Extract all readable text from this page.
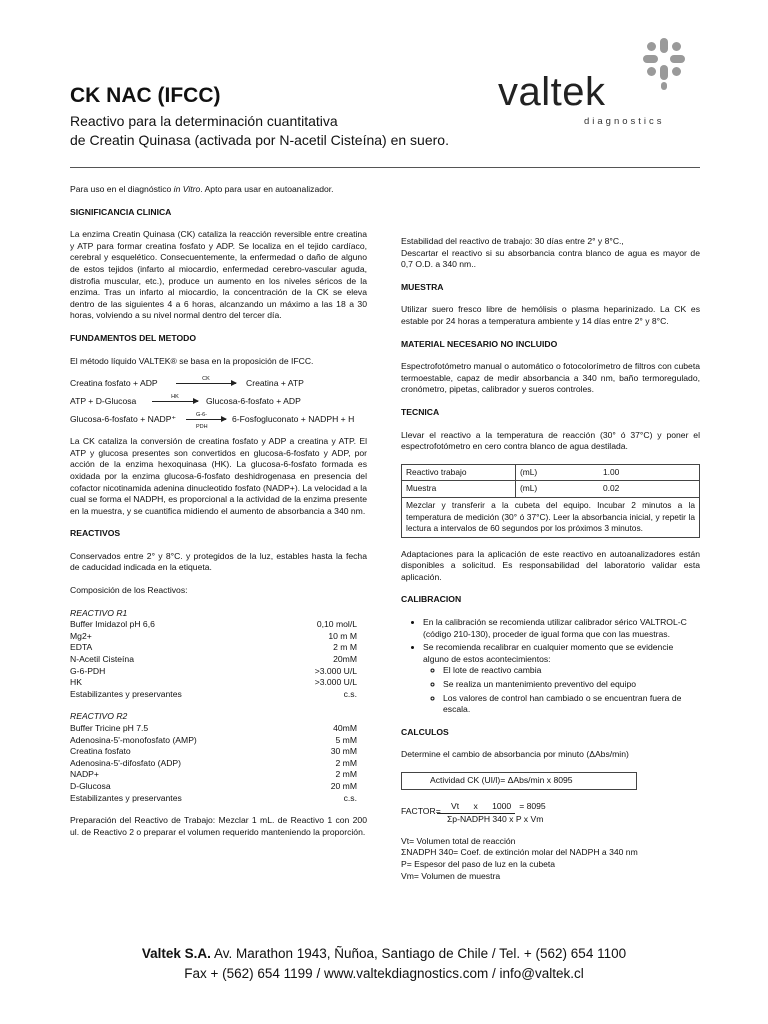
CK NAC (IFCC)
Reactivo para la determinación cuantitativa
de Creatin Quinasa (activada por N-acetil Cisteína) en suero.
valtek
diagnostics

Para uso en el diagnóstico in Vitro. Apto para usar en autoanalizador.

SIGNIFICANCIA CLINICA

La enzima Creatin Quinasa (CK) cataliza la reacción reversible entre creatina y ATP para formar creatina fosfato y ADP. Se localiza en el tejido cardíaco, cerebral y esquelético. Consecuentemente, la enfermedad o daño de alguno de estos tejidos (infarto al miocardio, enfermedad cerebro-vascular aguda, distrofia muscular, etc.), produce un aumento en los niveles séricos de la enzima. Tras un infarto al miocardio, la concentración de la CK se eleva dentro de las siguientes 4 a 6 horas, alcanzando un máximo a las 18 a 30 horas, volviendo a su nivel normal dentro del tercer día.

FUNDAMENTOS DEL METODO

El método líquido VALTEK® se basa en la proposición de IFCC.

Creatina fosfato + ADP	CK	Creatina + ATP
ATP + D-Glucosa	HK	Glucosa-6-fosfato + ADP
Glucosa-6-fosfato + NADP⁺	G-6-PDH
6-Fosfogluconato + NADPH + H

La CK cataliza la conversión de creatina fosfato y ADP a creatina y ATP. El ATP y glucosa presentes son convertidos en glucosa-6-fosfato y ADP, por acción de la enzima hexoquinasa (HK). La glucosa-6-fosfato formada es oxidada por la enzima glucosa-6-fosfato deshidrogenasa en presencia del cofactor nicotinamida adenina dinucleotido fosfato (NADP+). La velocidad a la cual se forma el NADPH, es proporcional a la actividad de la enzima presente en la muestra, y se cuantifica midiendo el aumento de absorbancia a 340 nm.

REACTIVOS

Conservados entre 2° y 8°C. y protegidos de la luz, estables hasta la fecha de caducidad indicada en la etiqueta.

Composición de los Reactivos:

REACTIVO R1
Buffer Imidazol pH 6,6	0,10 mol/L
Mg2+	10 m M
EDTA	2 m M
N-Acetil Cisteína	20mM
G-6-PDH	>3.000 U/L
HK	>3.000 U/L
Estabilizantes y preservantes	c.s.
REACTIVO R2
Buffer Tricine pH 7.5	40mM
Adenosina-5'-monofosfato (AMP)	5 mM
Creatina fosfato	30 mM
Adenosina-5'-difosfato (ADP)	2 mM
NADP+	2 mM
D-Glucosa	20 mM
Estabilizantes y preservantes	c.s.

Preparación del Reactivo de Trabajo: Mezclar 1 mL. de Reactivo 1 con 200 ul. de Reactivo 2 o preparar el volumen requerido manteniendo la proporción.

Estabilidad del reactivo de trabajo: 30 días entre 2° y 8°C.,

Descartar el reactivo si su absorbancia contra blanco de agua es mayor de 0,7 O.D. a 340 nm..

MUESTRA

Utilizar suero fresco libre de hemólisis o plasma heparinizado. La CK es estable por 24 horas a temperatura ambiente y 14 días entre 2° y 8°C.

MATERIAL NECESARIO NO INCLUIDO

Espectrofotómetro manual o automático o fotocolorímetro de filtros con cubeta termoestable, capaz de medir absorbancia a 340 nm, baño termoregulado, cronómetro, pipetas, calibrador y sueros controles.

TECNICA

Llevar el reactivo a la temperatura de reacción (30° ó 37°C) y poner el espectrofotómetro en cero contra blanco de agua destilada.

Reactivo trabajo	(mL)	1.00
Muestra	(mL)	0.02
Mezclar y transferir a la cubeta del equipo. Incubar 2 minutos a la temperatura de medición (30° ó 37°C). Leer la absorbancia inicial, y repetir la lectura a intervalos de 60 segundos por los próximos 3 minutos.		

Adaptaciones para la aplicación de este reactivo en autoanalizadores están disponibles a solicitud. Es responsabilidad del laboratorio validar esta aplicación.

CALIBRACION
• En la calibración se recomienda utilizar calibrador sérico VALTROL-C (código 210-130), proceder de igual forma que con las muestras.
• Se recomienda recalibrar en cualquier momento que se evidencie alguno de estos acontecimientos:
◦ El lote de reactivo cambia
◦ Se realiza un mantenimiento preventivo del equipo
◦ Los valores de control han cambiado o se encuentran fuera de escala.
CALCULOS

Determine el cambio de absorbancia por minuto (ΔAbs/min)

Actividad CK (UI/l)= ΔAbs/min x 8095
FACTOR=	Vt      x      1000 = 8095
Σp-NADPH 340 x P x Vm
Vt= Volumen total de reacción
ΣNADPH 340= Coef. de extinción molar del NADPH a 340 nm
P= Espesor del paso de luz en la cubeta
Vm= Volumen de muestra
Valtek S.A. Av. Marathon 1943, Ñuñoa, Santiago de Chile / Tel. + (562) 654 1100
Fax + (562) 654 1199 / www.valtekdiagnostics.com / info@valtek.cl
